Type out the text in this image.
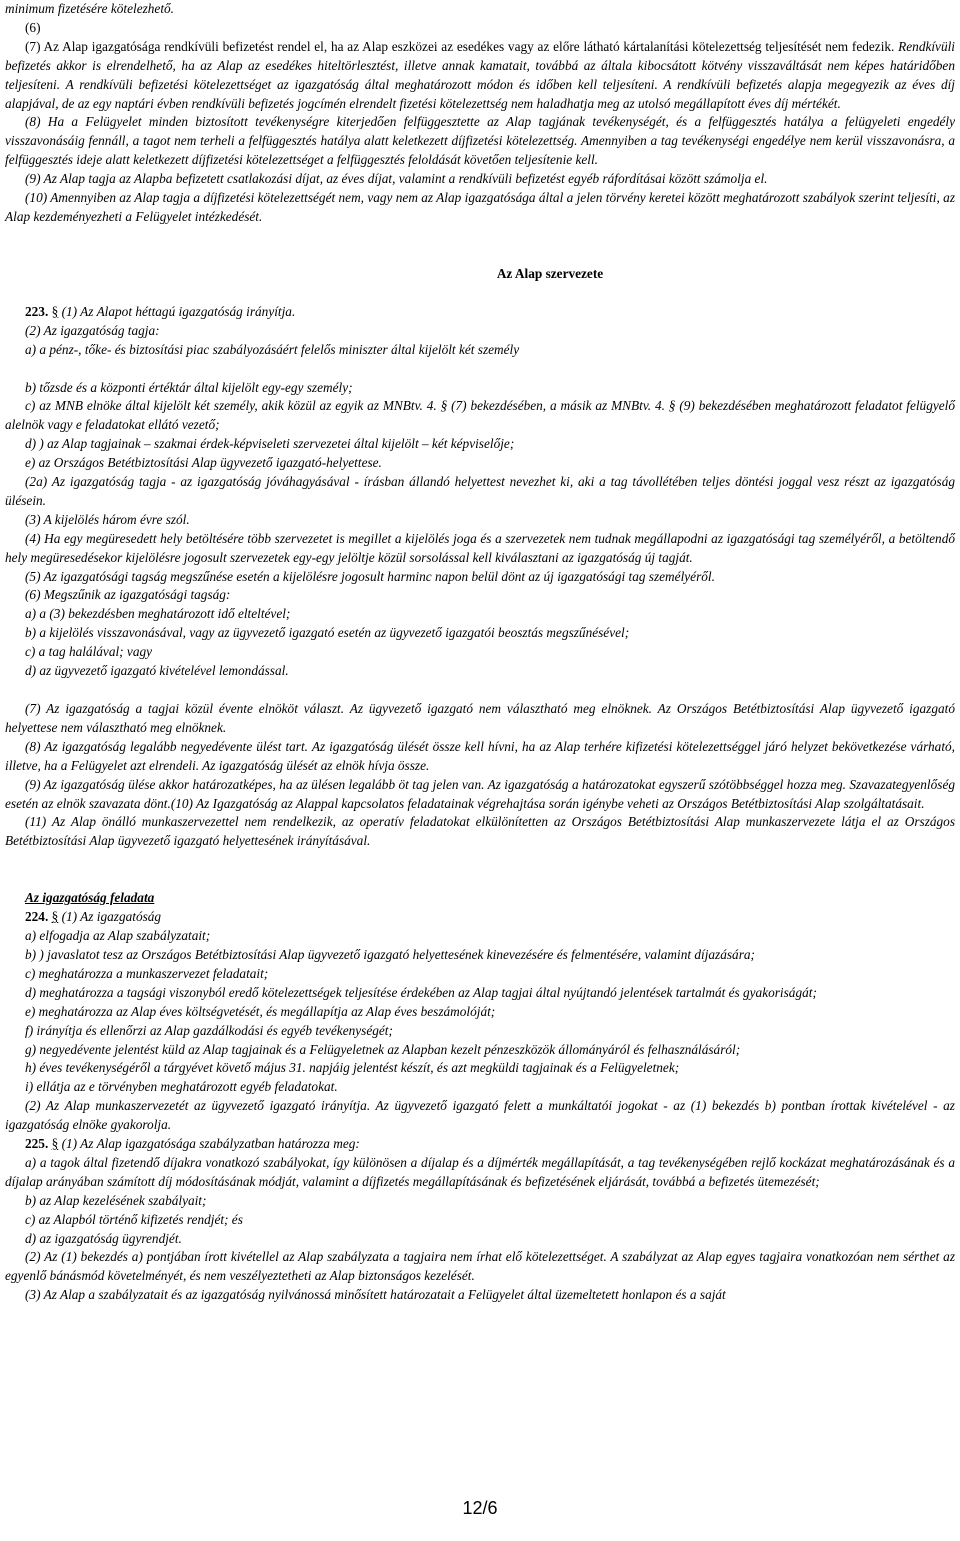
minimum fizetésére kötelezhető.

(6)

(7) Az Alap igazgatósága rendkívüli befizetést rendel el, ha az Alap eszközei az esedékes vagy az előre látható kártalanítási kötelezettség teljesítését nem fedezik. Rendkívüli befizetés akkor is elrendelhető, ha az Alap az esedékes hiteltörlesztést, illetve annak kamatait, továbbá az általa kibocsátott kötvény visszaváltását nem képes határidőben teljesíteni. A rendkívüli befizetési kötelezettséget az igazgatóság által meghatározott módon és időben kell teljesíteni. A rendkívüli befizetés alapja megegyezik az éves díj alapjával, de az egy naptári évben rendkívüli befizetés jogcímén elrendelt fizetési kötelezettség nem haladhatja meg az utolsó megállapított éves díj mértékét.

(8) Ha a Felügyelet minden biztosított tevékenységre kiterjedően felfüggesztette az Alap tagjának tevékenységét, és a felfüggesztés hatálya a felügyeleti engedély visszavonásáig fennáll, a tagot nem terheli a felfüggesztés hatálya alatt keletkezett díjfizetési kötelezettség. Amennyiben a tag tevékenységi engedélye nem kerül visszavonásra, a felfüggesztés ideje alatt keletkezett díjfizetési kötelezettséget a felfüggesztés feloldását követően teljesítenie kell.

(9) Az Alap tagja az Alapba befizetett csatlakozási díjat, az éves díjat, valamint a rendkívüli befizetést egyéb ráfordításai között számolja el.

(10) Amennyiben az Alap tagja a díjfizetési kötelezettségét nem, vagy nem az Alap igazgatósága által a jelen törvény keretei között meghatározott szabályok szerint teljesíti, az Alap kezdeményezheti a Felügyelet intézkedését.

Az Alap szervezete

223. § (1) Az Alapot héttagú igazgatóság irányítja.

(2) Az igazgatóság tagja:

a) a pénz-, tőke- és biztosítási piac szabályozásáért felelős miniszter által kijelölt két személy

b) tőzsde és a központi értéktár által kijelölt egy-egy személy;

c) az MNB elnöke által kijelölt két személy, akik közül az egyik az MNBtv. 4. § (7) bekezdésében, a másik az MNBtv. 4. § (9) bekezdésében meghatározott feladatot felügyelő alelnök vagy e feladatokat ellátó vezető;

d) ) az Alap tagjainak – szakmai érdek-képviseleti szervezetei által kijelölt – két képviselője;

e) az Országos Betétbiztosítási Alap ügyvezető igazgató-helyettese.

(2a) Az igazgatóság tagja - az igazgatóság jóváhagyásával - írásban állandó helyettest nevezhet ki, aki a tag távollétében teljes döntési joggal vesz részt az igazgatóság ülésein.

(3) A kijelölés három évre szól.

(4) Ha egy megüresedett hely betöltésére több szervezetet is megillet a kijelölés joga és a szervezetek nem tudnak megállapodni az igazgatósági tag személyéről, a betöltendő hely megüresedésekor kijelölésre jogosult szervezetek egy-egy jelöltje közül sorsolással kell kiválasztani az igazgatóság új tagját.

(5) Az igazgatósági tagság megszűnése esetén a kijelölésre jogosult harminc napon belül dönt az új igazgatósági tag személyéről.

(6) Megszűnik az igazgatósági tagság:

a) a (3) bekezdésben meghatározott idő elteltével;

b) a kijelölés visszavonásával, vagy az ügyvezető igazgató esetén az ügyvezető igazgatói beosztás megszűnésével;

c) a tag halálával; vagy

d) az ügyvezető igazgató kivételével lemondással.

(7) Az igazgatóság a tagjai közül évente elnököt választ. Az ügyvezető igazgató nem választható meg elnöknek. Az Országos Betétbiztosítási Alap ügyvezető igazgató helyettese nem választható meg elnöknek.

(8) Az igazgatóság legalább negyedévente ülést tart. Az igazgatóság ülését össze kell hívni, ha az Alap terhére kifizetési kötelezettséggel járó helyzet bekövetkezése várható, illetve, ha a Felügyelet azt elrendeli. Az igazgatóság ülését az elnök hívja össze.

(9) Az igazgatóság ülése akkor határozatképes, ha az ülésen legalább öt tag jelen van. Az igazgatóság a határozatokat egyszerű szótöbbséggel hozza meg. Szavazategyenlőség esetén az elnök szavazata dönt.(10) Az Igazgatóság az Alappal kapcsolatos feladatainak végrehajtása során igénybe veheti az Országos Betétbiztosítási Alap szolgáltatásait.

(11) Az Alap önálló munkaszervezettel nem rendelkezik, az operatív feladatokat elkülönítetten az Országos Betétbiztosítási Alap munkaszervezete látja el az Országos Betétbiztosítási Alap ügyvezető igazgató helyettesének irányításával.

Az igazgatóság feladata

224. § (1) Az igazgatóság

a) elfogadja az Alap szabályzatait;

b) ) javaslatot tesz az Országos Betétbiztosítási Alap ügyvezető igazgató helyettesének kinevezésére és felmentésére, valamint díjazására;

c) meghatározza a munkaszervezet feladatait;

d) meghatározza a tagsági viszonyból eredő kötelezettségek teljesítése érdekében az Alap tagjai által nyújtandó jelentések tartalmát és gyakoriságát;

e) meghatározza az Alap éves költségvetését, és megállapítja az Alap éves beszámolóját;

f) irányítja és ellenőrzi az Alap gazdálkodási és egyéb tevékenységét;

g) negyedévente jelentést küld az Alap tagjainak és a Felügyeletnek az Alapban kezelt pénzeszközök állományáról és felhasználásáról;

h) éves tevékenységéről a tárgyévet követő május 31. napjáig jelentést készít, és azt megküldi tagjainak és a Felügyeletnek;

i) ellátja az e törvényben meghatározott egyéb feladatokat.

(2) Az Alap munkaszervezetét az ügyvezető igazgató irányítja. Az ügyvezető igazgató felett a munkáltatói jogokat - az (1) bekezdés b) pontban írottak kivételével - az igazgatóság elnöke gyakorolja.

225. § (1) Az Alap igazgatósága szabályzatban határozza meg:

a) a tagok által fizetendő díjakra vonatkozó szabályokat, így különösen a díjalap és a díjmérték megállapítását, a tag tevékenységében rejlő kockázat meghatározásának és a díjalap arányában számított díj módosításának módját, valamint a díjfizetés megállapításának és befizetésének eljárását, továbbá a befizetés ütemezését;

b) az Alap kezelésének szabályait;

c) az Alapból történő kifizetés rendjét; és

d) az igazgatóság ügyrendjét.

(2) Az (1) bekezdés a) pontjában írott kivétellel az Alap szabályzata a tagjaira nem írhat elő kötelezettséget. A szabályzat az Alap egyes tagjaira vonatkozóan nem sérthet az egyenlő bánásmód követelményét, és nem veszélyeztetheti az Alap biztonságos kezelését.

(3) Az Alap a szabályzatait és az igazgatóság nyilvánossá minősített határozatait a Felügyelet által üzemeltetett honlapon és a saját

12/6
